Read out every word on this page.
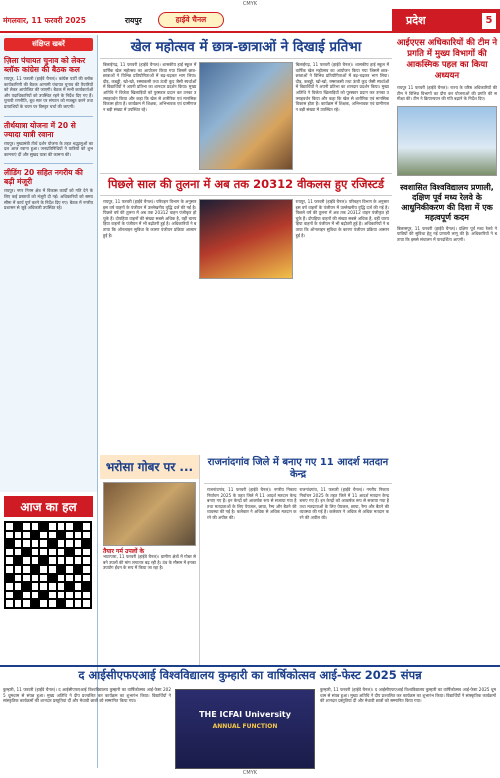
CMYK
मंगलवार, 11 फरवरी 2025	रायपुर	हाईवे चैनल	प्रदेश	5
संक्षिप्त खबरें
ज़िला पंचायत चुनाव को लेकर ब्लॉक कांग्रेस की बैठक कल
रायपुर, 11 फरवरी (हाईवे चैनल)। कांग्रेस पार्टी की ब्लॉक कार्यकारिणी की बैठक आगामी पंचायत चुनाव की तैयारियों को लेकर आयोजित की जाएगी। बैठक में सभी कार्यकर्ताओं और पदाधिकारियों को उपस्थित रहने के निर्देश दिए गए हैं। चुनावी रणनीति, बूथ स्तर पर संगठन को मजबूत करने तथा प्रत्याशियों के चयन पर विस्तृत चर्चा की जाएगी।
तीर्थयात्रा योजना में 20 से ज्यादा यात्री रवाना
रायपुर। मुख्यमंत्री तीर्थ दर्शन योजना के तहत श्रद्धालुओं का दल आज रवाना हुआ। जनप्रतिनिधियों ने यात्रियों को शुभकामनाएं दीं और सुखद यात्रा की कामना की।
लीडिंग 20 सहित नगरीय की बढ़ी मंजूरी
रायपुर। नगर निगम क्षेत्र में विकास कार्यों को गति देने के लिए कई प्रस्तावों को मंजूरी दी गई। अधिकारियों को समय सीमा में कार्य पूर्ण करने के निर्देश दिए गए। बैठक में नगरीय प्रशासन से जुड़े अधिकारी उपस्थित रहे।
आज का हल
खेल महोत्सव में छात्र-छात्राओं ने दिखाई प्रतिभा
बिलाईगढ़, 11 फरवरी (हाईवे चैनल)। शासकीय हाई स्कूल में वार्षिक खेल महोत्सव का आयोजन किया गया जिसमें छात्र-छात्राओं ने विभिन्न प्रतियोगिताओं में बढ़-चढ़कर भाग लिया। दौड़, कबड्डी, खो-खो, रस्साकसी तथा ऊंची कूद जैसी स्पर्धाओं में विद्यार्थियों ने अपनी प्रतिभा का शानदार प्रदर्शन किया। मुख्य अतिथि ने विजेता खिलाड़ियों को पुरस्कार प्रदान कर उनका उत्साहवर्धन किया और कहा कि खेल से शारीरिक एवं मानसिक विकास होता है। कार्यक्रम में शिक्षक, अभिभावक एवं ग्रामीणजन बड़ी संख्या में उपस्थित रहे।
बिलाईगढ़, 11 फरवरी (हाईवे चैनल)। शासकीय हाई स्कूल में वार्षिक खेल महोत्सव का आयोजन किया गया जिसमें छात्र-छात्राओं ने विभिन्न प्रतियोगिताओं में बढ़-चढ़कर भाग लिया। दौड़, कबड्डी, खो-खो, रस्साकसी तथा ऊंची कूद जैसी स्पर्धाओं में विद्यार्थियों ने अपनी प्रतिभा का शानदार प्रदर्शन किया। मुख्य अतिथि ने विजेता खिलाड़ियों को पुरस्कार प्रदान कर उनका उत्साहवर्धन किया और कहा कि खेल से शारीरिक एवं मानसिक विकास होता है। कार्यक्रम में शिक्षक, अभिभावक एवं ग्रामीणजन बड़ी संख्या में उपस्थित रहे।
पिछले साल की तुलना में अब तक 20312 वीकलस हुए रजिस्टर्ड
रायपुर, 11 फरवरी (हाईवे चैनल)। परिवहन विभाग के अनुसार इस वर्ष वाहनों के पंजीयन में उल्लेखनीय वृद्धि दर्ज की गई है। पिछले वर्ष की तुलना में अब तक 20312 वाहन पंजीकृत हो चुके हैं। दोपहिया वाहनों की संख्या सबसे अधिक है, वहीं चारपहिया वाहनों के पंजीयन में भी बढ़ोतरी हुई है। अधिकारियों ने बताया कि ऑनलाइन सुविधा के कारण पंजीयन प्रक्रिया आसान हुई है।
रायपुर, 11 फरवरी (हाईवे चैनल)। परिवहन विभाग के अनुसार इस वर्ष वाहनों के पंजीयन में उल्लेखनीय वृद्धि दर्ज की गई है। पिछले वर्ष की तुलना में अब तक 20312 वाहन पंजीकृत हो चुके हैं। दोपहिया वाहनों की संख्या सबसे अधिक है, वहीं चारपहिया वाहनों के पंजीयन में भी बढ़ोतरी हुई है। अधिकारियों ने बताया कि ऑनलाइन सुविधा के कारण पंजीयन प्रक्रिया आसान हुई है।
आईएएस अधिकारियों की टीम ने प्रगति में मुख्य विभागों की आकस्मिक पहल का किया अध्ययन
रायपुर 11 फरवरी (हाईवे चैनल)। राज्य के वरिष्ठ अधिकारियों की टीम ने विभिन्न विभागों का दौरा कर योजनाओं की प्रगति की समीक्षा की। टीम ने क्रियान्वयन की गति बढ़ाने के निर्देश दिए।
स्वशासित विश्वविद्यालय प्रणाली, दक्षिण पूर्व मध्य रेलवे के आधुनिकीकरण की दिशा में एक महत्वपूर्ण कदम
बिलासपुर, 11 फरवरी (हाईवे चैनल)। दक्षिण पूर्व मध्य रेलवे ने यात्रियों की सुविधा हेतु नई प्रणाली लागू की है। अधिकारियों ने बताया कि इससे संचालन में पारदर्शिता आएगी।
भरोसा गोबर पर ...
तैयार गर्म उपलों के
भाटापारा, 11 फरवरी (हाईवे चैनल)। ग्रामीण क्षेत्रों में गोबर से बने उपलों की मांग लगातार बढ़ रही है। ठंड के मौसम में इनका उपयोग ईंधन के रूप में किया जा रहा है।
राजनांदगांव जिले में बनाए गए 11 आदर्श मतदान केन्द्र
राजनांदगांव, 11 फरवरी (हाईवे चैनल)। नगरीय निकाय निर्वाचन 2025 के तहत जिले में 11 आदर्श मतदान केन्द्र बनाए गए हैं। इन केन्द्रों को आकर्षक रूप से सजाया गया है तथा मतदाताओं के लिए पेयजल, छाया, रैम्प और बैठने की व्यवस्था की गई है। कलेक्टर ने अधिक से अधिक मतदान करने की अपील की।
राजनांदगांव, 11 फरवरी (हाईवे चैनल)। नगरीय निकाय निर्वाचन 2025 के तहत जिले में 11 आदर्श मतदान केन्द्र बनाए गए हैं। इन केन्द्रों को आकर्षक रूप से सजाया गया है तथा मतदाताओं के लिए पेयजल, छाया, रैम्प और बैठने की व्यवस्था की गई है। कलेक्टर ने अधिक से अधिक मतदान करने की अपील की।
द आईसीएफएआई विश्वविद्यालय कुम्हारी का वार्षिकोत्सव आई-फेस्ट 2025 संपन्न
कुम्हारी, 11 फरवरी (हाईवे चैनल)। द आईसीएफएआई विश्वविद्यालय कुम्हारी का वार्षिकोत्सव आई-फेस्ट 2025 धूमधाम से संपन्न हुआ। मुख्य अतिथि ने दीप प्रज्वलित कर कार्यक्रम का शुभारंभ किया। विद्यार्थियों ने सांस्कृतिक कार्यक्रमों की शानदार प्रस्तुतियां दीं और मेधावी छात्रों को सम्मानित किया गया।
THE ICFAI University
ANNUAL FUNCTION
कुम्हारी, 11 फरवरी (हाईवे चैनल)। द आईसीएफएआई विश्वविद्यालय कुम्हारी का वार्षिकोत्सव आई-फेस्ट 2025 धूमधाम से संपन्न हुआ। मुख्य अतिथि ने दीप प्रज्वलित कर कार्यक्रम का शुभारंभ किया। विद्यार्थियों ने सांस्कृतिक कार्यक्रमों की शानदार प्रस्तुतियां दीं और मेधावी छात्रों को सम्मानित किया गया।
CMYK
